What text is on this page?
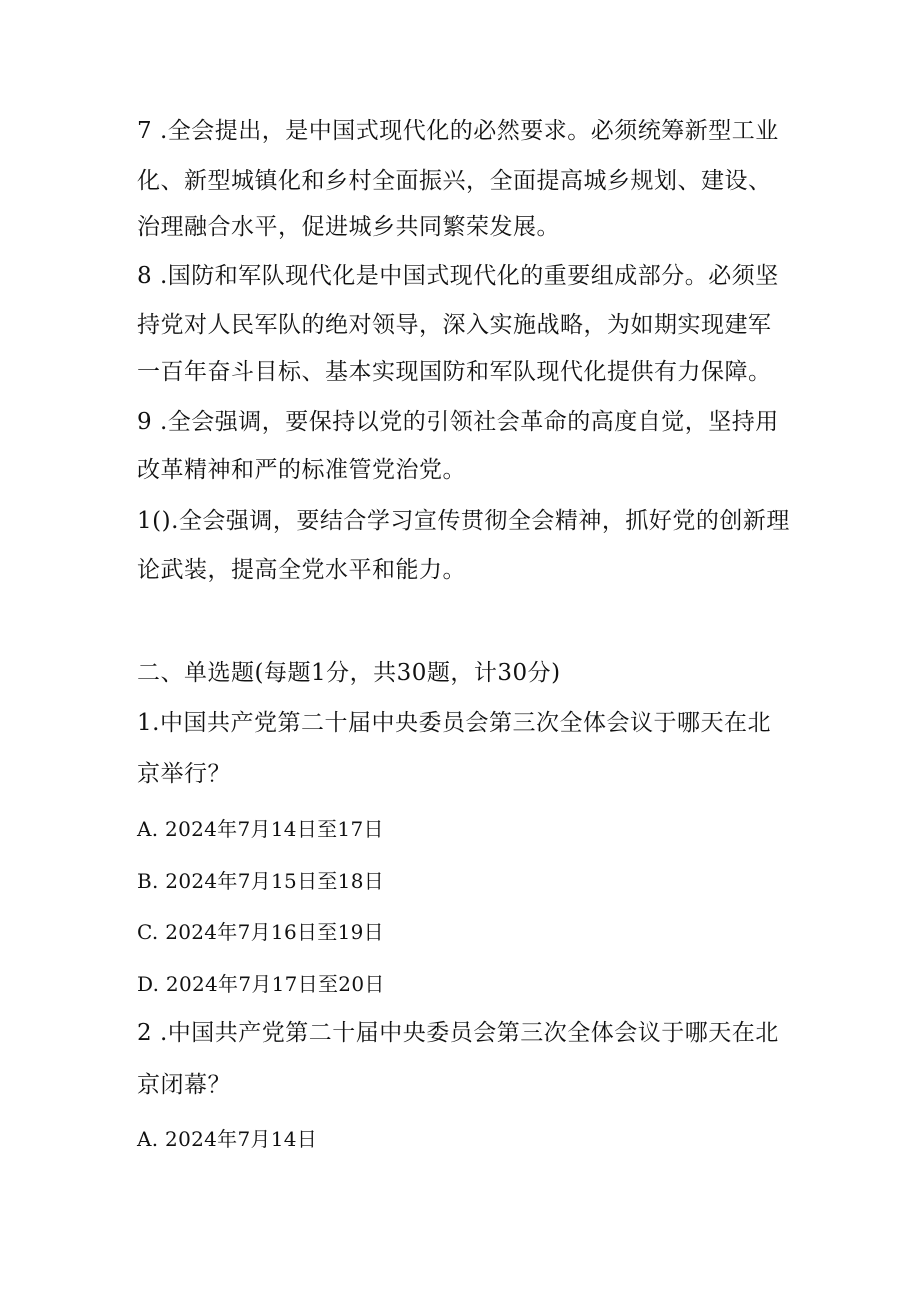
7 .全会提出，是中国式现代化的必然要求。必须统筹新型工业
化、新型城镇化和乡村全面振兴，全面提高城乡规划、建设、
治理融合水平，促进城乡共同繁荣发展。
8 .国防和军队现代化是中国式现代化的重要组成部分。必须坚
持党对人民军队的绝对领导，深入实施战略，为如期实现建军
一百年奋斗目标、基本实现国防和军队现代化提供有力保障。
9 .全会强调，要保持以党的引领社会革命的高度自觉，坚持用
改革精神和严的标准管党治党。
1().全会强调，要结合学习宣传贯彻全会精神，抓好党的创新理
论武装，提高全党水平和能力。
二、单选题(每题1分，共30题，计30分)
1.中国共产党第二十届中央委员会第三次全体会议于哪天在北
京举行？
A. 2024年7月14日至17日
B. 2024年7月15日至18日
C. 2024年7月16日至19日
D. 2024年7月17日至20日
2 .中国共产党第二十届中央委员会第三次全体会议于哪天在北
京闭幕？
A. 2024年7月14日
